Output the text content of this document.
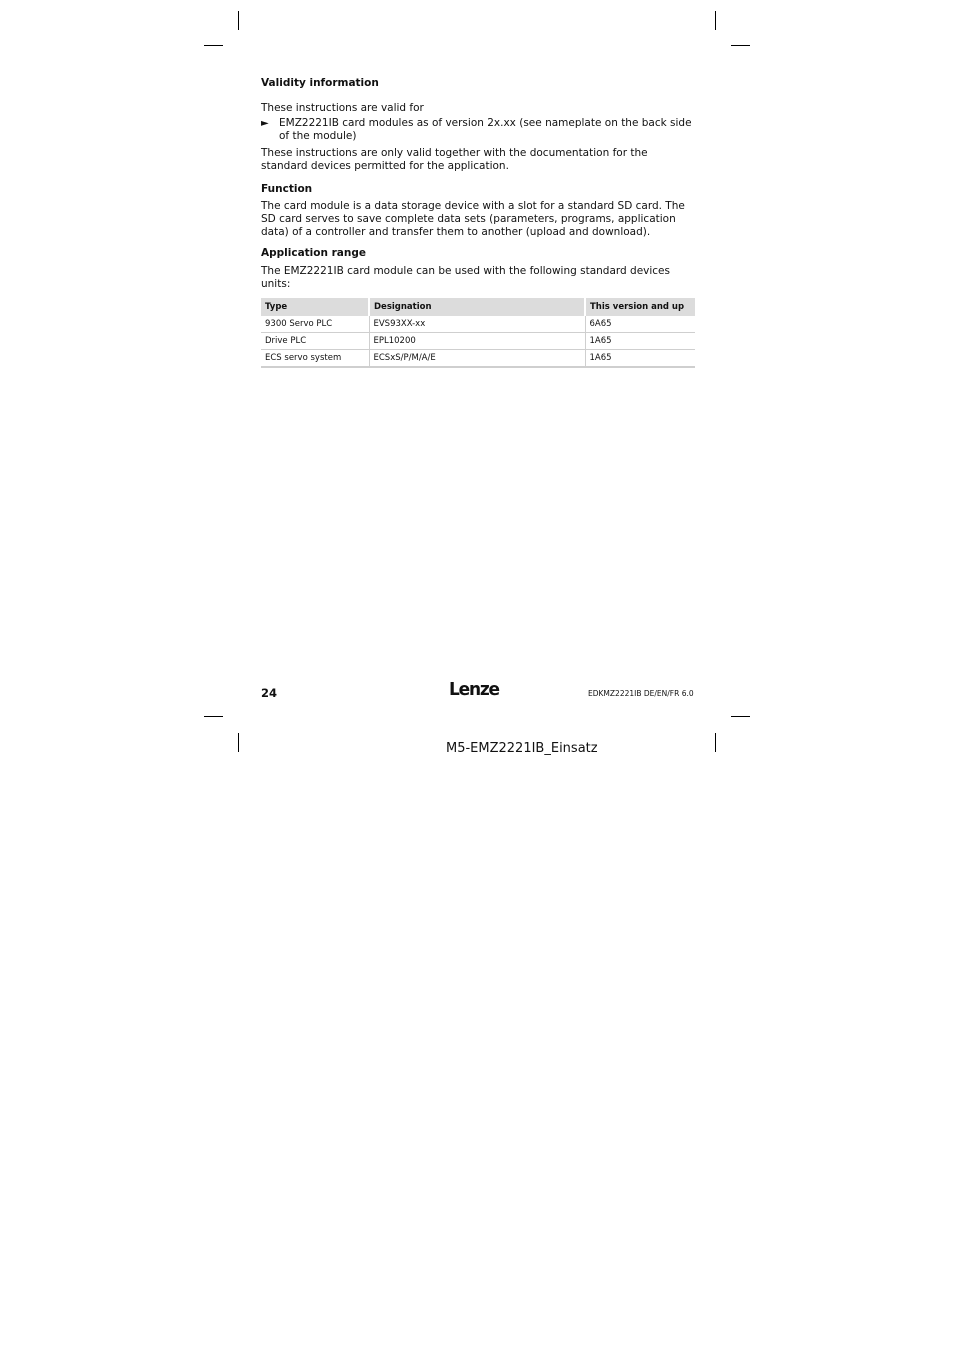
Validity information

These instructions are valid for

► EMZ2221IB card modules as of version 2x.xx (see nameplate on the back side of the module)

These instructions are only valid together with the documentation for the standard devices permitted for the application.

Function

The card module is a data storage device with a slot for a standard SD card. The SD card serves to save complete data sets (parameters, programs, application data) of a controller and transfer them to another (upload and download).

Application range

The EMZ2221IB card module can be used with the following standard devices units:

Type	Designation	This version and up
9300 Servo PLC	EVS93XX-xx	6A65
Drive PLC	EPL10200	1A65
ECS servo system	ECSxS/P/M/A/E	1A65
24	Lenze	EDKMZ2221IB DE/EN/FR 6.0
M5-EMZ2221IB_Einsatz
